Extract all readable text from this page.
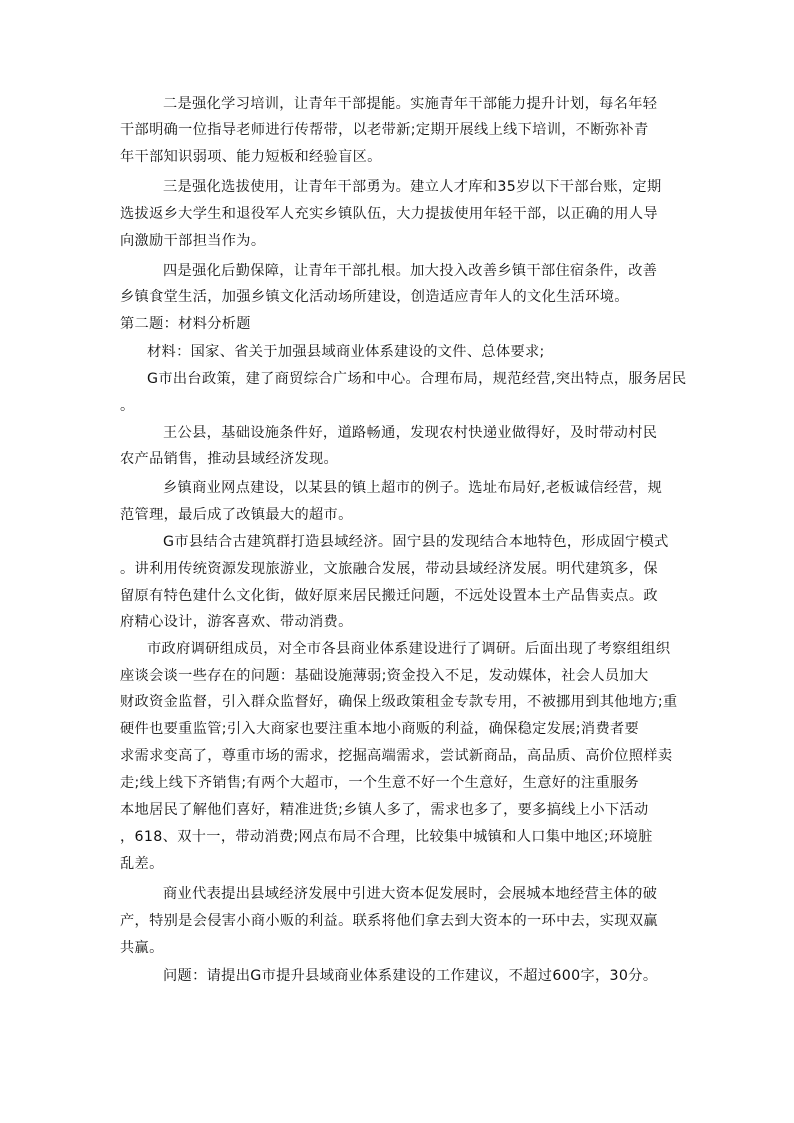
二是强化学习培训，让青年干部提能。实施青年干部能力提升计划，每名年轻
干部明确一位指导老师进行传帮带，以老带新;定期开展线上线下培训，不断弥补青
年干部知识弱项、能力短板和经验盲区。
三是强化选拔使用，让青年干部勇为。建立人才库和35岁以下干部台账，定期
选拔返乡大学生和退役军人充实乡镇队伍，大力提拔使用年轻干部，以正确的用人导
向激励干部担当作为。
四是强化后勤保障，让青年干部扎根。加大投入改善乡镇干部住宿条件，改善
乡镇食堂生活，加强乡镇文化活动场所建设，创造适应青年人的文化生活环境。
第二题：材料分析题
材料：国家、省关于加强县域商业体系建设的文件、总体要求;
G市出台政策，建了商贸综合广场和中心。合理布局，规范经营,突出特点，服务居民
。
王公县，基础设施条件好，道路畅通，发现农村快递业做得好，及时带动村民
农产品销售，推动县域经济发现。
乡镇商业网点建设，以某县的镇上超市的例子。选址布局好,老板诚信经营，规
范管理，最后成了改镇最大的超市。
G市县结合古建筑群打造县域经济。固宁县的发现结合本地特色，形成固宁模式
。讲利用传统资源发现旅游业，文旅融合发展，带动县域经济发展。明代建筑多，保
留原有特色建什么文化街，做好原来居民搬迁问题，不远处设置本土产品售卖点。政
府精心设计，游客喜欢、带动消费。
市政府调研组成员，对全市各县商业体系建设进行了调研。后面出现了考察组组织
座谈会谈一些存在的问题：基础设施薄弱;资金投入不足，发动媒体，社会人员加大
财政资金监督，引入群众监督好，确保上级政策租金专款专用，不被挪用到其他地方;重
硬件也要重监管;引入大商家也要注重本地小商贩的利益，确保稳定发展;消费者要
求需求变高了，尊重市场的需求，挖掘高端需求，尝试新商品，高品质、高价位照样卖
走;线上线下齐销售;有两个大超市，一个生意不好一个生意好，生意好的注重服务
本地居民了解他们喜好，精准进货;乡镇人多了，需求也多了，要多搞线上小下活动
，618、双十一，带动消费;网点布局不合理，比较集中城镇和人口集中地区;环境脏
乱差。
商业代表提出县域经济发展中引进大资本促发展时，会展城本地经营主体的破
产，特别是会侵害小商小贩的利益。联系将他们拿去到大资本的一环中去，实现双赢
共赢。
问题：请提出G市提升县域商业体系建设的工作建议，不超过600字，30分。
